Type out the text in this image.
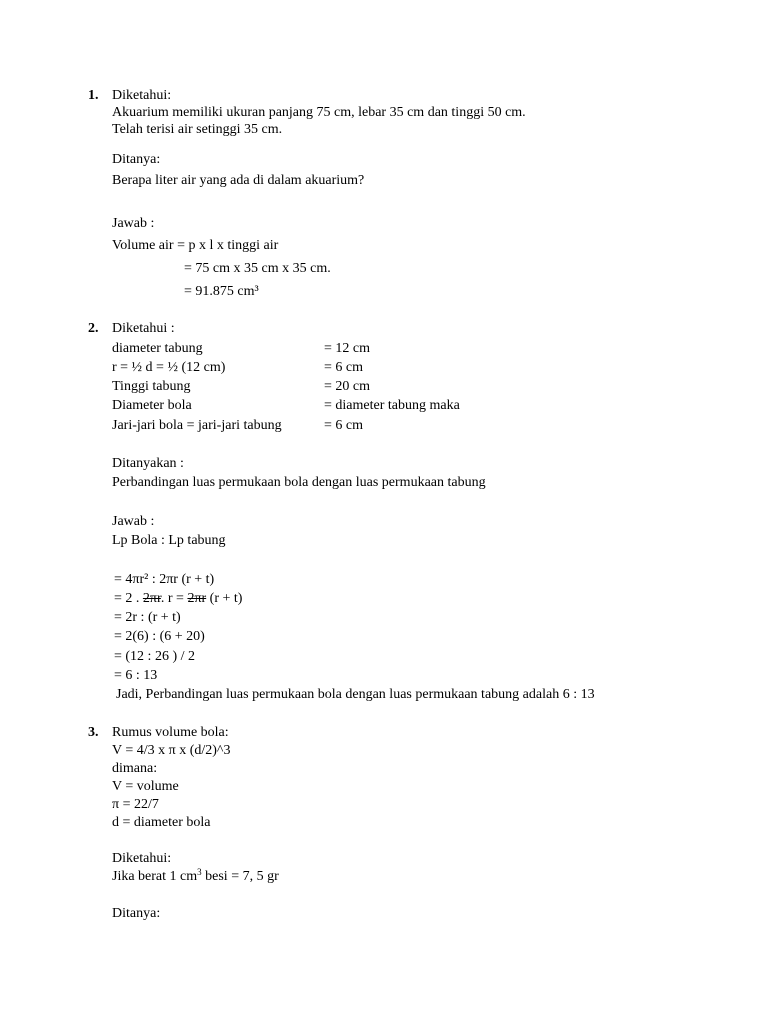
1. Diketahui:
Akuarium memiliki ukuran panjang 75 cm, lebar 35 cm dan tinggi 50 cm.
Telah terisi air setinggi 35 cm.
Ditanya:
Berapa liter air yang ada di dalam akuarium?
Jawab :
Volume air = p x l x tinggi air
= 75 cm x 35 cm x 35 cm.
= 91.875 cm³
2. Diketahui :
diameter tabung	= 12 cm
r = ½ d = ½ (12 cm)	= 6 cm
Tinggi tabung	= 20 cm
Diameter bola	= diameter tabung maka
Jari-jari bola = jari-jari tabung	= 6 cm
Ditanyakan :
Perbandingan luas permukaan bola dengan luas permukaan tabung
Jawab :
Lp Bola : Lp tabung
= 4πr² : 2πr (r + t)
= 2 . 2πr. r = 2πr (r + t)
= 2r : (r + t)
= 2(6) : (6 + 20)
= (12 : 26 ) / 2
= 6 : 13
Jadi, Perbandingan luas permukaan bola dengan luas permukaan tabung adalah 6 : 13
3. Rumus volume bola:
V = 4/3 x π x (d/2)^3
dimana:
V = volume
π = 22/7
d = diameter bola
Diketahui:
Jika berat 1 $cm^3$ besi = 7, 5 gr
Ditanya:
